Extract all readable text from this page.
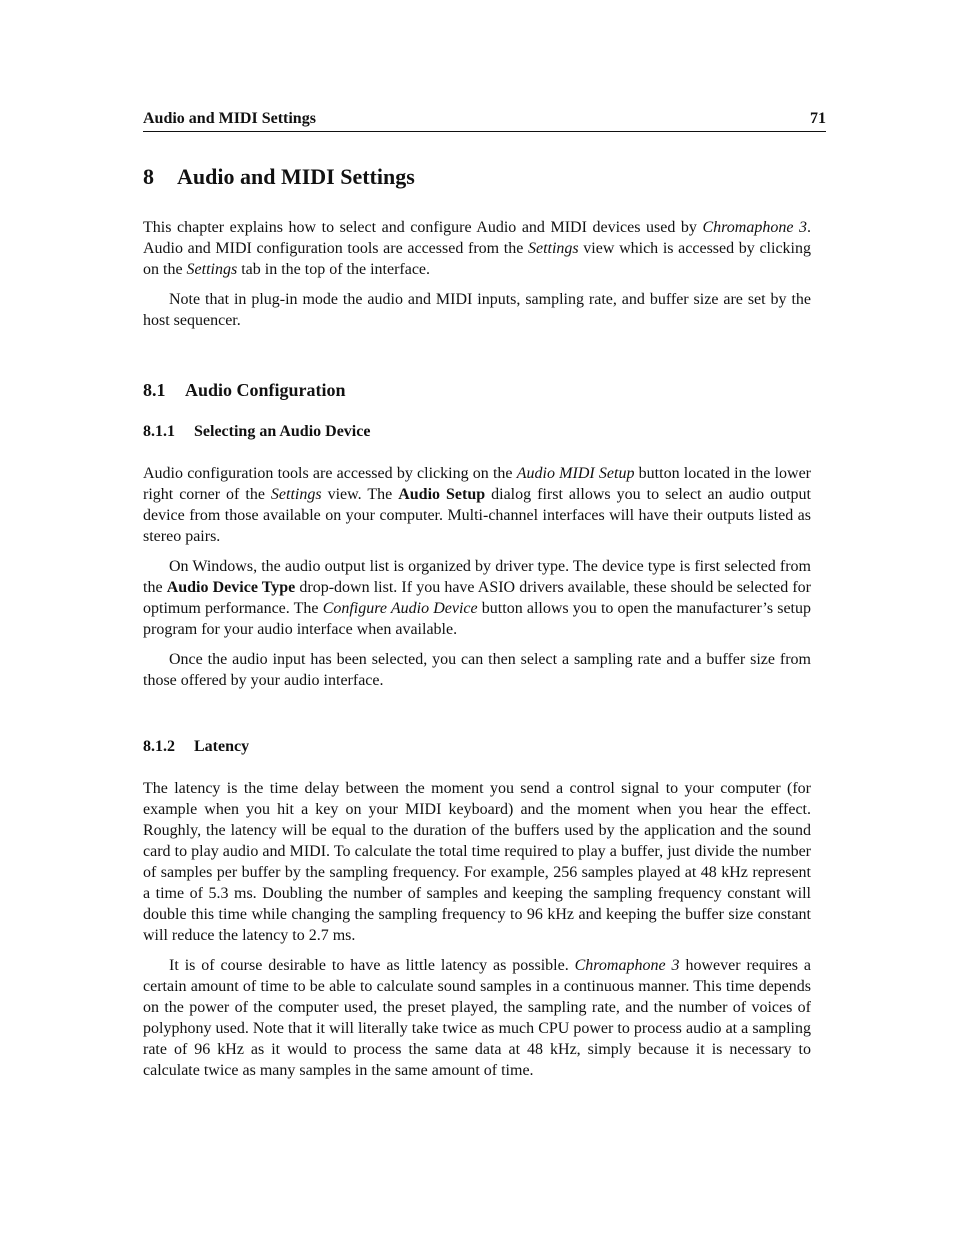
Audio and MIDI Settings	71
8 Audio and MIDI Settings

This chapter explains how to select and configure Audio and MIDI devices used by Chromaphone 3. Audio and MIDI configuration tools are accessed from the Settings view which is accessed by clicking on the Settings tab in the top of the interface.

Note that in plug-in mode the audio and MIDI inputs, sampling rate, and buffer size are set by the host sequencer.

8.1 Audio Configuration
8.1.1 Selecting an Audio Device

Audio configuration tools are accessed by clicking on the Audio MIDI Setup button located in the lower right corner of the Settings view. The Audio Setup dialog first allows you to select an audio output device from those available on your computer. Multi-channel interfaces will have their outputs listed as stereo pairs.

On Windows, the audio output list is organized by driver type. The device type is first selected from the Audio Device Type drop-down list. If you have ASIO drivers available, these should be selected for optimum performance. The Configure Audio Device button allows you to open the manufacturer’s setup program for your audio interface when available.

Once the audio input has been selected, you can then select a sampling rate and a buffer size from those offered by your audio interface.

8.1.2 Latency

The latency is the time delay between the moment you send a control signal to your computer (for example when you hit a key on your MIDI keyboard) and the moment when you hear the effect. Roughly, the latency will be equal to the duration of the buffers used by the application and the sound card to play audio and MIDI. To calculate the total time required to play a buffer, just divide the number of samples per buffer by the sampling frequency. For example, 256 samples played at 48 kHz represent a time of 5.3 ms. Doubling the number of samples and keeping the sampling frequency constant will double this time while changing the sampling frequency to 96 kHz and keeping the buffer size constant will reduce the latency to 2.7 ms.

It is of course desirable to have as little latency as possible. Chromaphone 3 however requires a certain amount of time to be able to calculate sound samples in a continuous manner. This time depends on the power of the computer used, the preset played, the sampling rate, and the number of voices of polyphony used. Note that it will literally take twice as much CPU power to process audio at a sampling rate of 96 kHz as it would to process the same data at 48 kHz, simply because it is necessary to calculate twice as many samples in the same amount of time.
